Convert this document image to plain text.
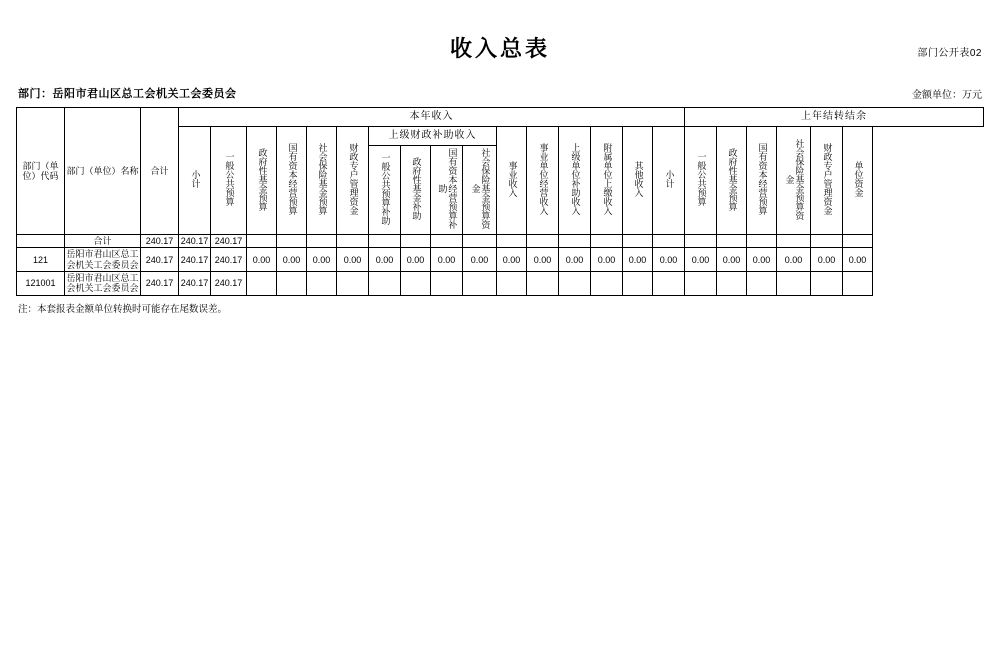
部门公开表02
收入总表
部门：岳阳市君山区总工会机关工会委员会	金额单位：万元
部门（单位）代码	部门（单位）名称	合计	本年收入																上年结转结余					
			小计	一般公共预算	政府性基金预算	国有资本经营预算	社会保险基金预算	财政专户管理资金	上级财政补助收入				事业收入	事业单位经营收入	上级单位补助收入	附属单位上缴收入	其他收入	小计	一般公共预算	政府性基金预算	国有资本经营预算	社会保险基金预算资金	财政专户管理资金	单位资金
									一般公共预算补助	政府性基金补助	国有资本经营预算补助	社会保险基金预算资金												

	合计	240.17	240.17	240.17																				
121	岳阳市君山区总工会机关工会委员会	240.17	240.17	240.17	0.00	0.00	0.00	0.00	0.00	0.00	0.00	0.00	0.00	0.00	0.00	0.00	0.00	0.00	0.00	0.00	0.00	0.00	0.00	0.00
121001	岳阳市君山区总工会机关工会委员会	240.17	240.17	240.17																				
注：本套报表金额单位转换时可能存在尾数误差。
